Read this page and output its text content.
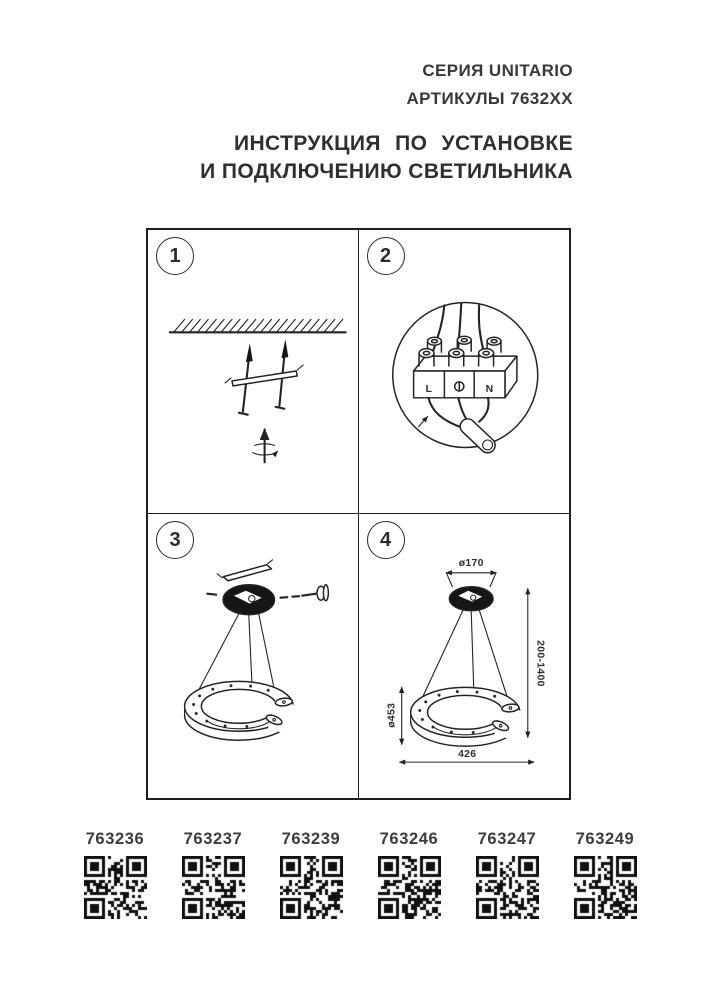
СЕРИЯ UNITARIO
АРТИКУЛЫ 7632XX
ИНСТРУКЦИЯ ПО УСТАНОВКЕ
И ПОДКЛЮЧЕНИЮ СВЕТИЛЬНИКА
1	2
L	N
3	4
ø170
200-1400
ø453
426
763236 763237 763239 763246 763247 763249
